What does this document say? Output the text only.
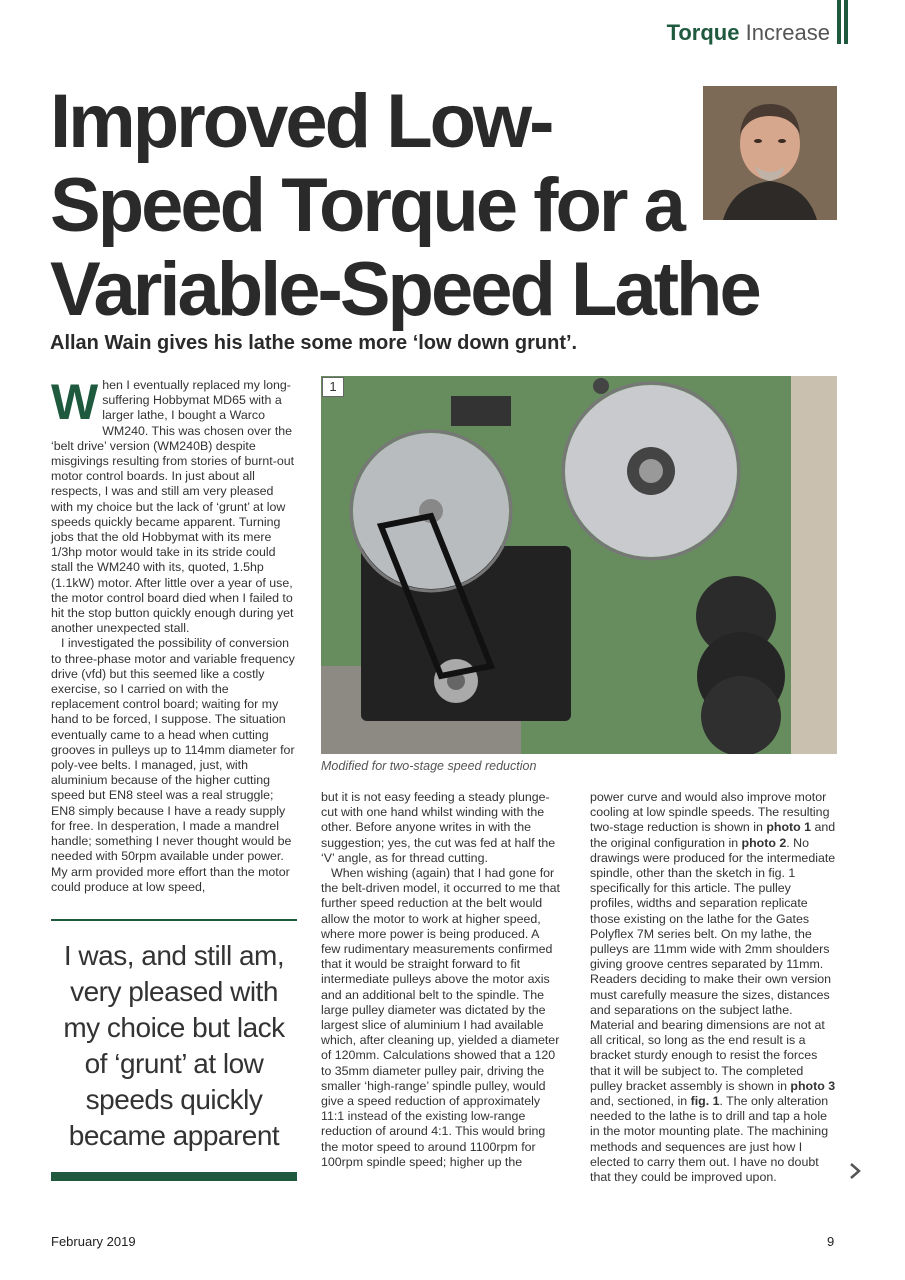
Torque Increase
Improved Low-
Speed Torque for a
Variable-Speed Lathe
Allan Wain gives his lathe some more ‘low down grunt’.

When I eventually replaced my long-suffering Hobbymat MD65 with a larger lathe, I bought a Warco WM240. This was chosen over the ‘belt drive’ version (WM240B) despite misgivings resulting from stories of burnt-out motor control boards. In just about all respects, I was and still am very pleased with my choice but the lack of ‘grunt’ at low speeds quickly became apparent. Turning jobs that the old Hobbymat with its mere 1/3hp motor would take in its stride could stall the WM240 with its, quoted, 1.5hp (1.1kW) motor. After little over a year of use, the motor control board died when I failed to hit the stop button quickly enough during yet another unexpected stall.

I investigated the possibility of conversion to three-phase motor and variable frequency drive (vfd) but this seemed like a costly exercise, so I carried on with the replacement control board; waiting for my hand to be forced, I suppose. The situation eventually came to a head when cutting grooves in pulleys up to 114mm diameter for poly-vee belts. I managed, just, with aluminium because of the higher cutting speed but EN8 steel was a real struggle; EN8 simply because I have a ready supply for free. In desperation, I made a mandrel handle; something I never thought would be needed with 50rpm available under power. My arm provided more effort than the motor could produce at low speed,

1
Modified for two-stage speed reduction

but it is not easy feeding a steady plunge-cut with one hand whilst winding with the other. Before anyone writes in with the suggestion; yes, the cut was fed at half the ‘V’ angle, as for thread cutting.

When wishing (again) that I had gone for the belt-driven model, it occurred to me that further speed reduction at the belt would allow the motor to work at higher speed, where more power is being produced. A few rudimentary measurements confirmed that it would be straight forward to fit intermediate pulleys above the motor axis and an additional belt to the spindle. The large pulley diameter was dictated by the largest slice of aluminium I had available which, after cleaning up, yielded a diameter of 120mm. Calculations showed that a 120 to 35mm diameter pulley pair, driving the smaller ‘high-range’ spindle pulley, would give a speed reduction of approximately 11:1 instead of the existing low-range reduction of around 4:1. This would bring the motor speed to around 1100rpm for 100rpm spindle speed; higher up the

power curve and would also improve motor cooling at low spindle speeds. The resulting two-stage reduction is shown in photo 1 and the original configuration in photo 2. No drawings were produced for the intermediate spindle, other than the sketch in fig. 1 specifically for this article. The pulley profiles, widths and separation replicate those existing on the lathe for the Gates Polyflex 7M series belt. On my lathe, the pulleys are 11mm wide with 2mm shoulders giving groove centres separated by 11mm. Readers deciding to make their own version must carefully measure the sizes, distances and separations on the subject lathe. Material and bearing dimensions are not at all critical, so long as the end result is a bracket sturdy enough to resist the forces that it will be subject to. The completed pulley bracket assembly is shown in photo 3 and, sectioned, in fig. 1. The only alteration needed to the lathe is to drill and tap a hole in the motor mounting plate. The machining methods and sequences are just how I elected to carry them out. I have no doubt that they could be improved upon.

I was, and still am, very pleased with my choice but lack of ‘grunt’ at low speeds quickly became apparent
February 2019	9
